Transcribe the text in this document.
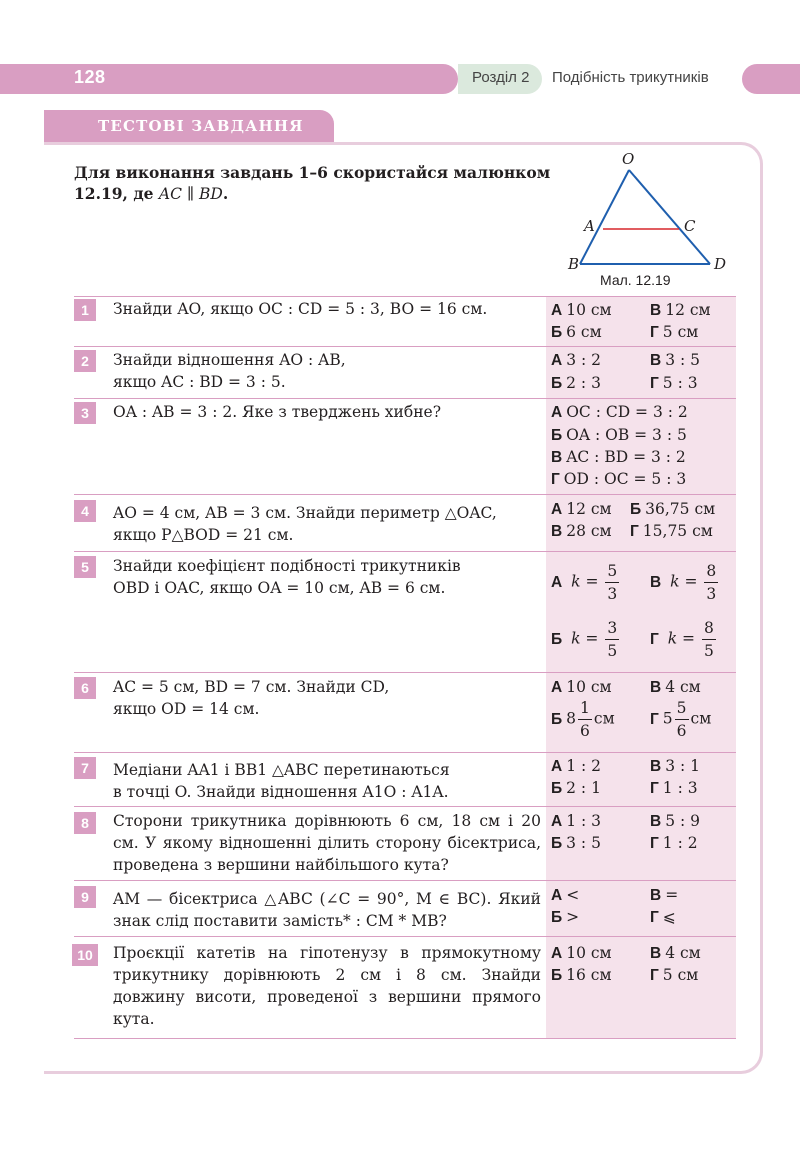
128	Розділ 2 Подібність трикутників
ТЕСТОВІ ЗАВДАННЯ
Для виконання завдань 1–6 скористайся малюнком 12.19, де AC ∥ BD.
O
A	C
B	D
Мал. 12.19
1	Знайди AO, якщо OC : CD = 5 : 3, BO = 16 см.	А 10 см В 12 см
Б 6 см	Г 5 см
2	Знайди відношення AO : AB,
якщо AC : BD = 3 : 5.
А 3 : 2	В 3 : 5
Б 2 : 3	Г 5 : 3
3	OA : AB = 3 : 2. Яке з тверджень хибне?	А OC : CD = 3 : 2
Б OA : OB = 3 : 5
В AC : BD = 3 : 2
Г OD : OC = 5 : 3
4	AO = 4 см, AB = 3 см. Знайди периметр △OAC,
якщо P△BOD = 21 см.
А 12 см Б 36,75 см
В 28 см Г 15,75 см
5	Знайди коефіцієнт подібності трикутників
OBD і OAC, якщо OA = 10 см, AB = 6 см.	А $k = \frac{5}{3}$ В $k = \frac{8}{3}$
Б $k = \frac{3}{5}$ Г $k = \frac{8}{5}$
6	AC = 5 см, BD = 7 см. Знайди CD,
якщо OD = 14 см.
А 10 см В 4 см
Б $8 \frac{1}{6}$ см Г $5 \frac{5}{6}$ см
7	Медіани AA1 і BB1 △ABC перетинаються
в точці O. Знайди відношення A1O : A1A.
А 1 : 2	В 3 : 1
Б 2 : 1	Г 1 : 3
8	Сторони трикутника дорівнюють 6 см, 18 см і 20 см. У якому відношенні ділить сторону бісектриса, проведена з вершини найбільшого кута?
А 1 : 3	В 5 : 9
Б 3 : 5	Г 1 : 2
9	AM — бісектриса △ABC (∠C = 90°, M ∈ BC). Який знак слід поставити замість* : CM * MB?
А <	В =
Б >	Г ⩽
10	Проєкції катетів на гіпотенузу в прямокутному трикутнику дорівнюють 2 см і 8 см. Знайди довжину висоти, проведеної з вершини прямого кута.
А 10 см В 4 см
Б 16 см Г 5 см
